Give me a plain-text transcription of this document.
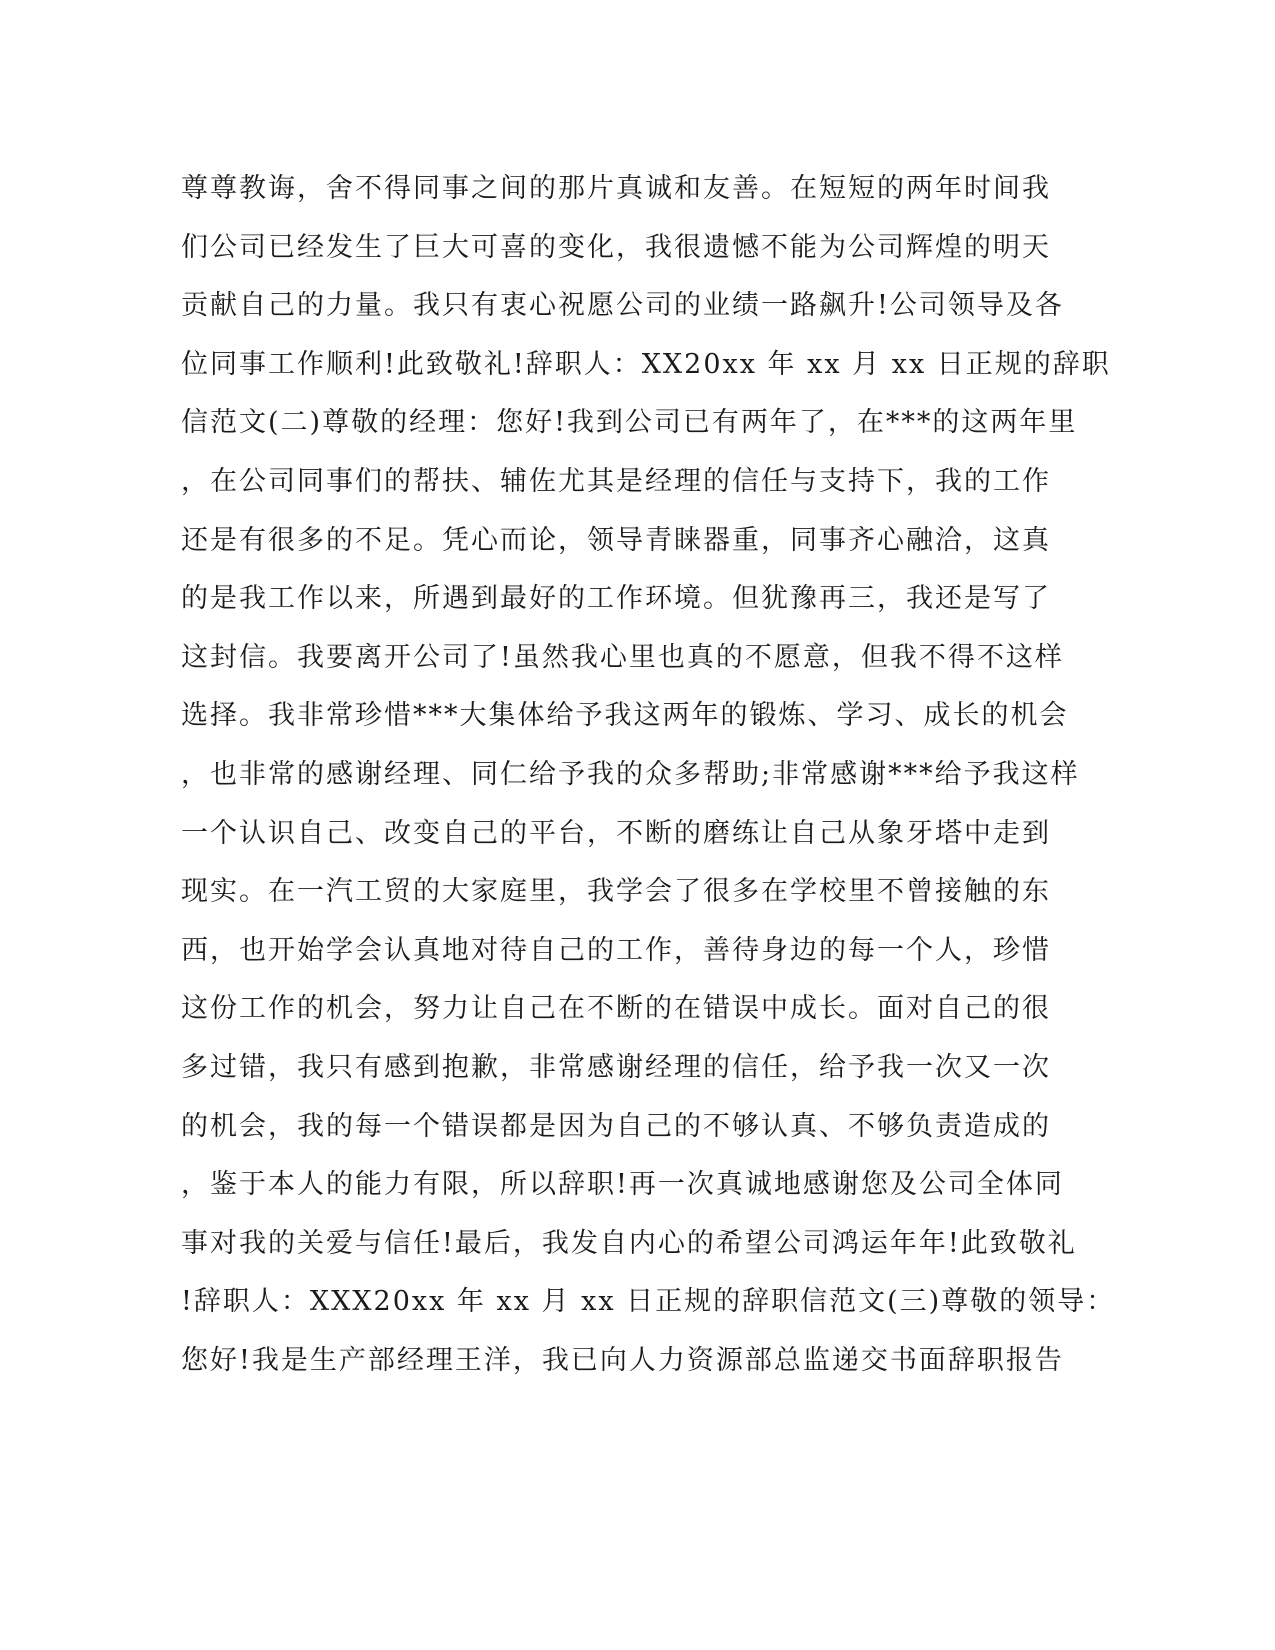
尊尊教诲，舍不得同事之间的那片真诚和友善。在短短的两年时间我
们公司已经发生了巨大可喜的变化，我很遗憾不能为公司辉煌的明天
贡献自己的力量。我只有衷心祝愿公司的业绩一路飙升!公司领导及各
位同事工作顺利!此致敬礼!辞职人：XX20xx 年 xx 月 xx 日正规的辞职
信范文(二)尊敬的经理：您好!我到公司已有两年了，在***的这两年里
，在公司同事们的帮扶、辅佐尤其是经理的信任与支持下，我的工作
还是有很多的不足。凭心而论，领导青睐器重，同事齐心融洽，这真
的是我工作以来，所遇到最好的工作环境。但犹豫再三，我还是写了
这封信。我要离开公司了!虽然我心里也真的不愿意，但我不得不这样
选择。我非常珍惜***大集体给予我这两年的锻炼、学习、成长的机会
，也非常的感谢经理、同仁给予我的众多帮助;非常感谢***给予我这样
一个认识自己、改变自己的平台，不断的磨练让自己从象牙塔中走到
现实。在一汽工贸的大家庭里，我学会了很多在学校里不曾接触的东
西，也开始学会认真地对待自己的工作，善待身边的每一个人，珍惜
这份工作的机会，努力让自己在不断的在错误中成长。面对自己的很
多过错，我只有感到抱歉，非常感谢经理的信任，给予我一次又一次
的机会，我的每一个错误都是因为自己的不够认真、不够负责造成的
，鉴于本人的能力有限，所以辞职!再一次真诚地感谢您及公司全体同
事对我的关爱与信任!最后，我发自内心的希望公司鸿运年年!此致敬礼
!辞职人：XXX20xx 年 xx 月 xx 日正规的辞职信范文(三)尊敬的领导：
您好!我是生产部经理王洋，我已向人力资源部总监递交书面辞职报告
